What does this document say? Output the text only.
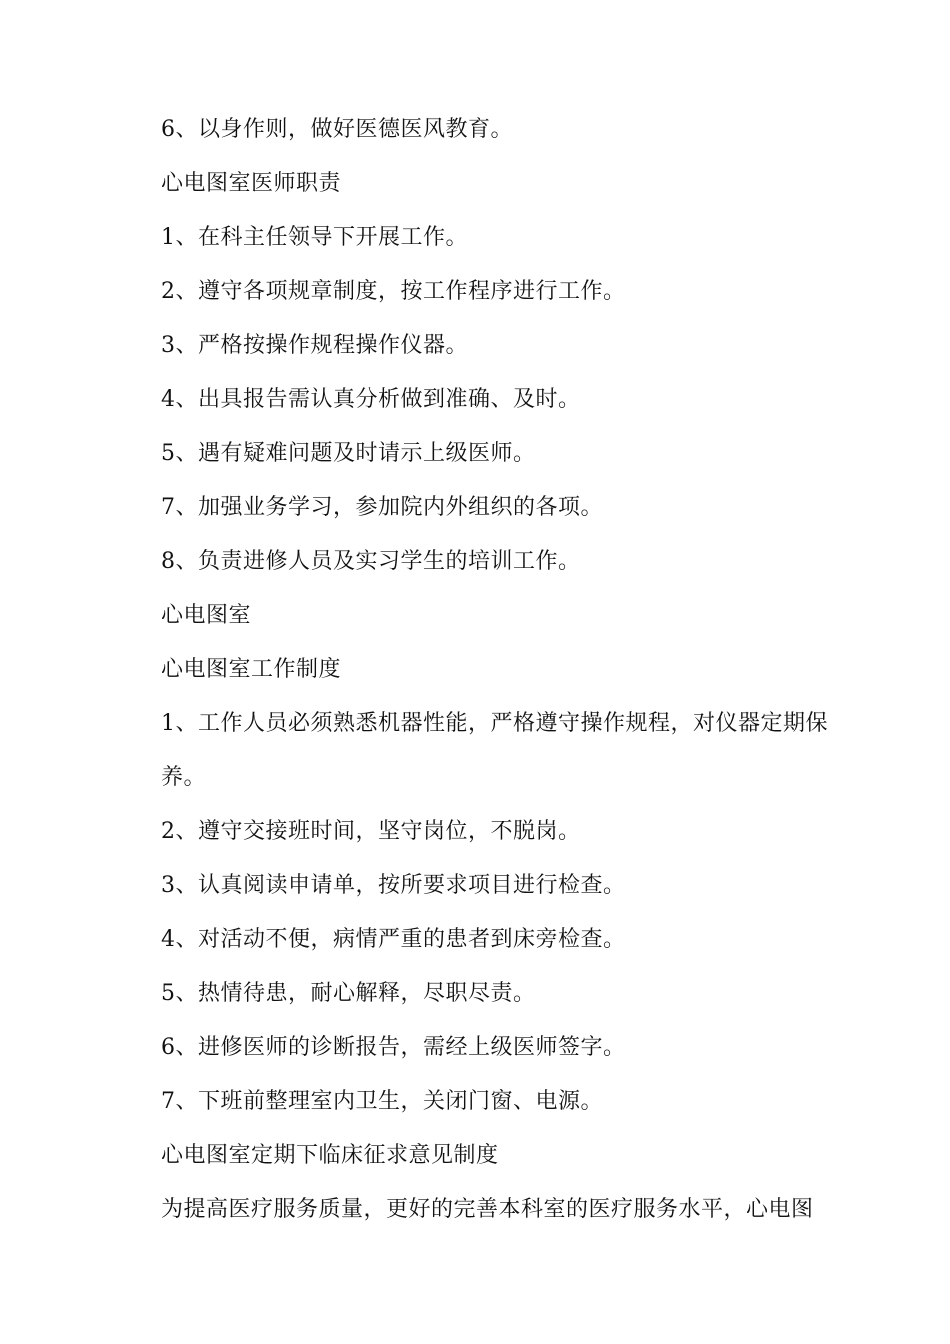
6、以身作则，做好医德医风教育。
心电图室医师职责
1、在科主任领导下开展工作。
2、遵守各项规章制度，按工作程序进行工作。
3、严格按操作规程操作仪器。
4、出具报告需认真分析做到准确、及时。
5、遇有疑难问题及时请示上级医师。
7、加强业务学习，参加院内外组织的各项。
8、负责进修人员及实习学生的培训工作。
心电图室
心电图室工作制度
1、工作人员必须熟悉机器性能，严格遵守操作规程，对仪器定期保
养。
2、遵守交接班时间，坚守岗位，不脱岗。
3、认真阅读申请单，按所要求项目进行检查。
4、对活动不便，病情严重的患者到床旁检查。
5、热情待患，耐心解释，尽职尽责。
6、进修医师的诊断报告，需经上级医师签字。
7、下班前整理室内卫生，关闭门窗、电源。
心电图室定期下临床征求意见制度
为提高医疗服务质量，更好的完善本科室的医疗服务水平，心电图
